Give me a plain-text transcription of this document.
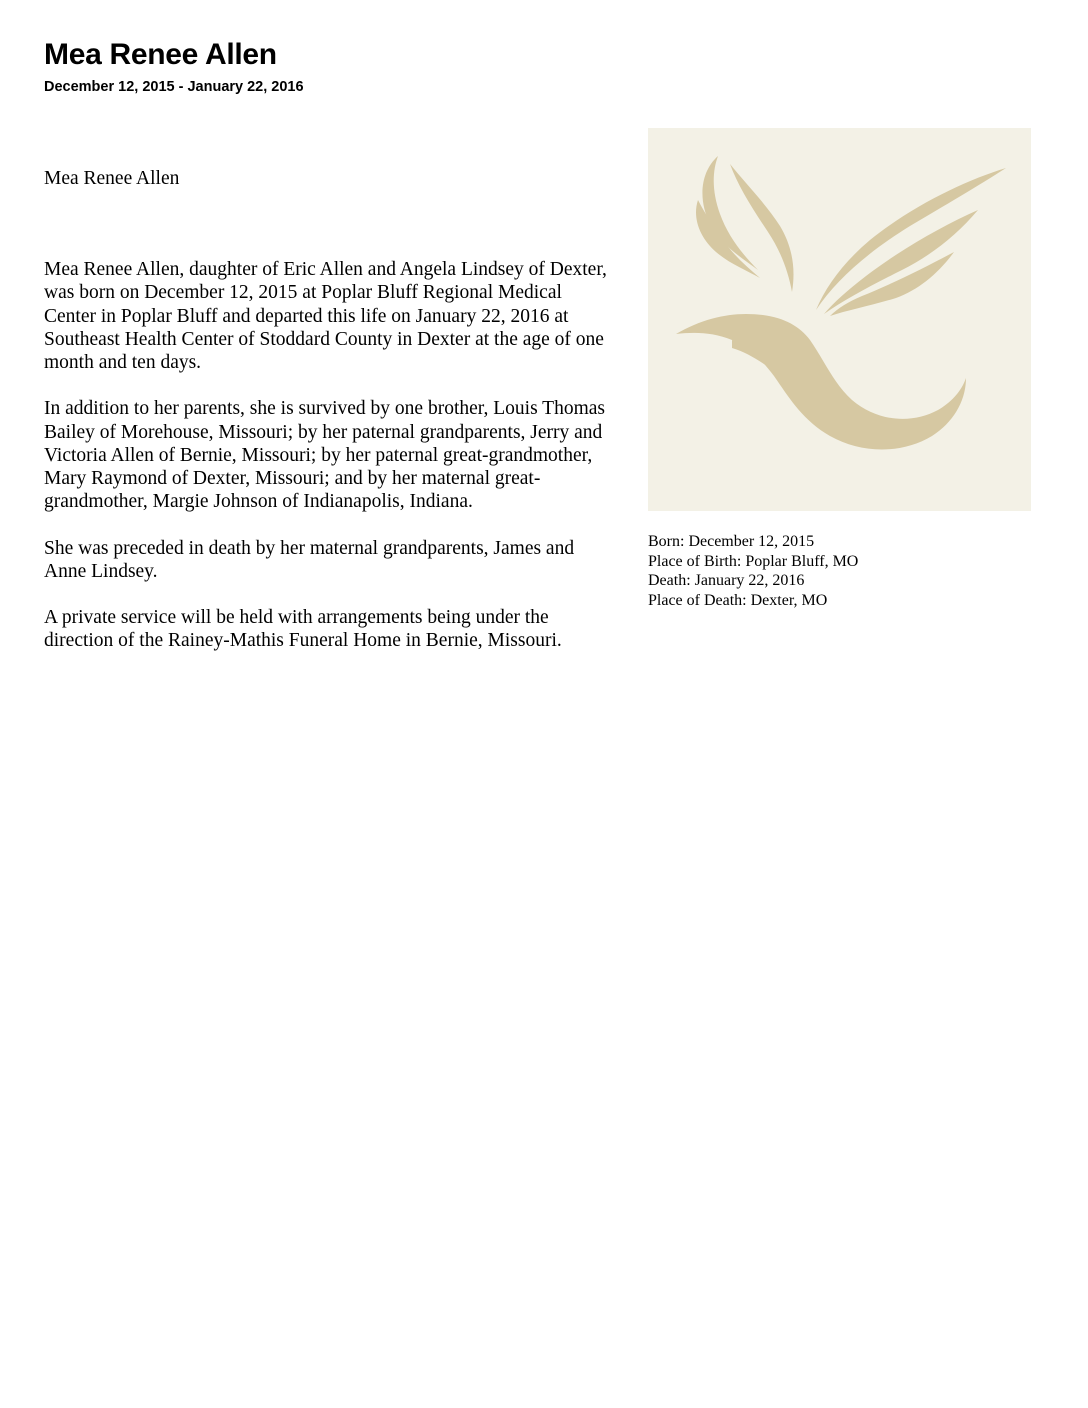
Mea Renee Allen
December 12, 2015 - January 22, 2016

Mea Renee Allen

Mea Renee Allen, daughter of Eric Allen and Angela Lindsey of Dexter, was born on December 12, 2015 at Poplar Bluff Regional Medical Center in Poplar Bluff and departed this life on January 22, 2016 at Southeast Health Center of Stoddard County in Dexter at the age of one month and ten days.

In addition to her parents, she is survived by one brother, Louis Thomas Bailey of Morehouse, Missouri; by her paternal grandparents, Jerry and Victoria Allen of Bernie, Missouri; by her paternal great-grandmother, Mary Raymond of Dexter, Missouri; and by her maternal great-grandmother, Margie Johnson of Indianapolis, Indiana.

She was preceded in death by her maternal grandparents, James and Anne Lindsey.

A private service will be held with arrangements being under the direction of the Rainey-Mathis Funeral Home in Bernie, Missouri.

Born: December 12, 2015
Place of Birth: Poplar Bluff, MO
Death: January 22, 2016
Place of Death: Dexter, MO
